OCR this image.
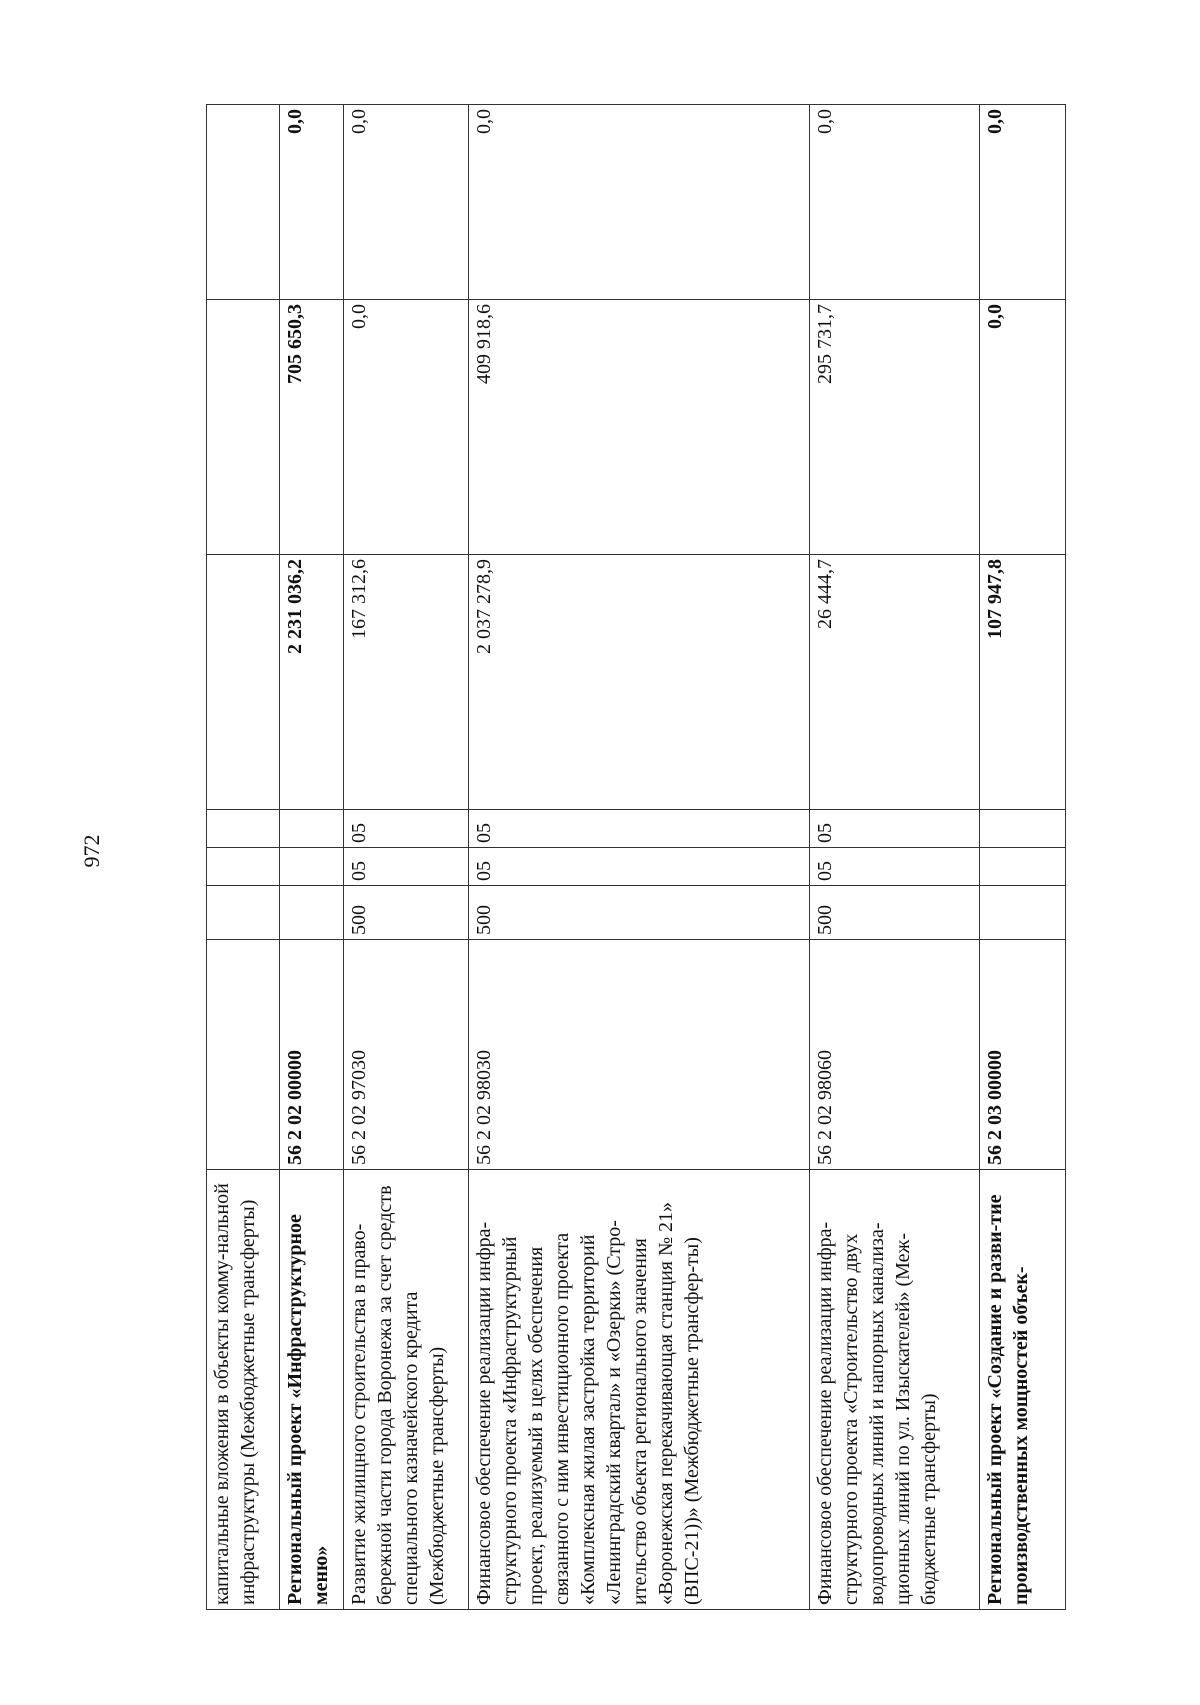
972
капитальные вложения в объекты комму-нальной инфраструктуры (Межбюджетные трансферты)							
Региональный проект «Инфраструктурное меню»	56 2 02 00000				2 231 036,2	705 650,3	0,0
Развитие жилищного строительства в право-бережной части города Воронежа за счет средств специального казначейского кредита (Межбюджетные трансферты)	56 2 02 97030	500	05	05	167 312,6	0,0	0,0
Финансовое обеспечение реализации инфра-структурного проекта «Инфраструктурный проект, реализуемый в целях обеспечения связанного с ним инвестиционного проекта «Комплексная жилая застройка территорий «Ленинградский квартал» и «Озерки» (Стро-ительство объекта регионального значения «Воронежская перекачивающая станция № 21» (ВПС-21))» (Межбюджетные трансфер-ты)	56 2 02 98030	500	05	05	2 037 278,9	409 918,6	0,0
Финансовое обеспечение реализации инфра-структурного проекта «Строительство двух водопроводных линий и напорных канализа-ционных линий по ул. Изыскателей» (Меж-бюджетные трансферты)	56 2 02 98060	500	05	05	26 444,7	295 731,7	0,0
Региональный проект «Создание и разви-тие производственных мощностей объек-	56 2 03 00000				107 947,8	0,0	0,0
